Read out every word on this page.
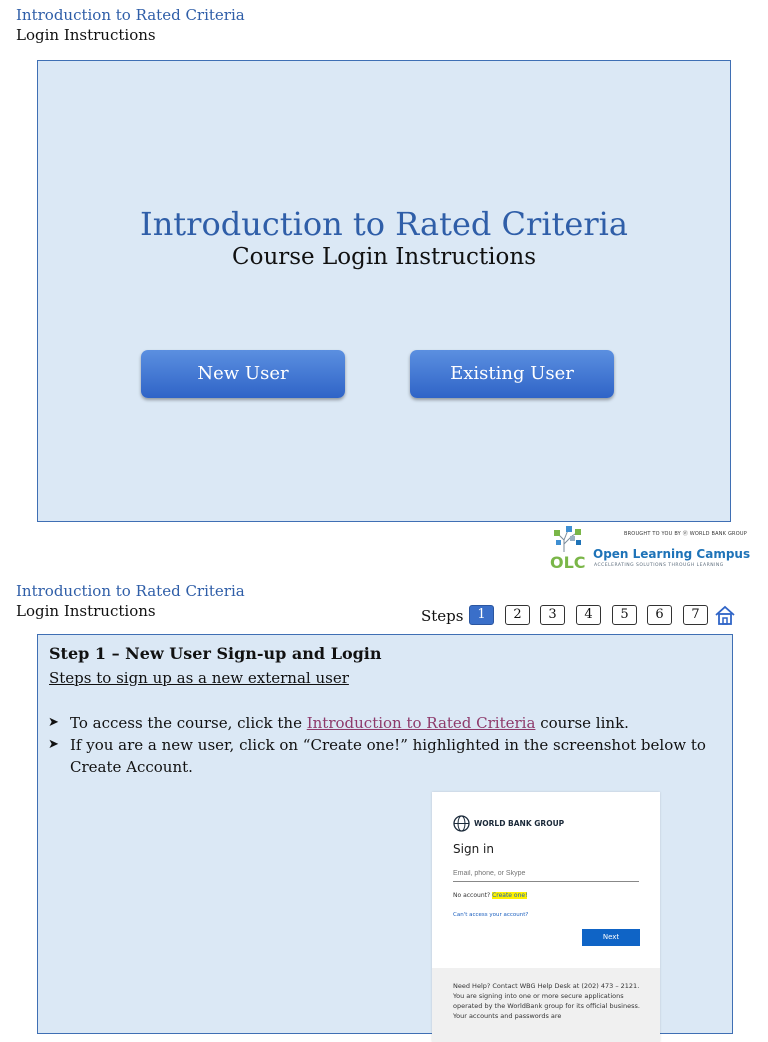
Introduction to Rated Criteria
Login Instructions
Introduction to Rated Criteria
Course Login Instructions
New User	Existing User
OLC
BROUGHT TO YOU BY Ⓦ WORLD BANK GROUP
Open Learning Campus
ACCELERATING SOLUTIONS THROUGH LEARNING
Introduction to Rated Criteria
Login Instructions	Steps	1	2	3	4	5	6	7
Step 1 – New User Sign-up and Login
Steps to sign up as a new external user
➤ To access the course, click the Introduction to Rated Criteria course link.
➤ If you are a new user, click on “Create one!” highlighted in the screenshot below to Create Account.
WORLD BANK GROUP
Sign in
Email, phone, or Skype
No account? Create one!
Can't access your account?
Next
Need Help? Contact WBG Help Desk at (202) 473 – 2121. You are signing into one or more secure applications operated by the WorldBank group for its official business. Your accounts and passwords are
